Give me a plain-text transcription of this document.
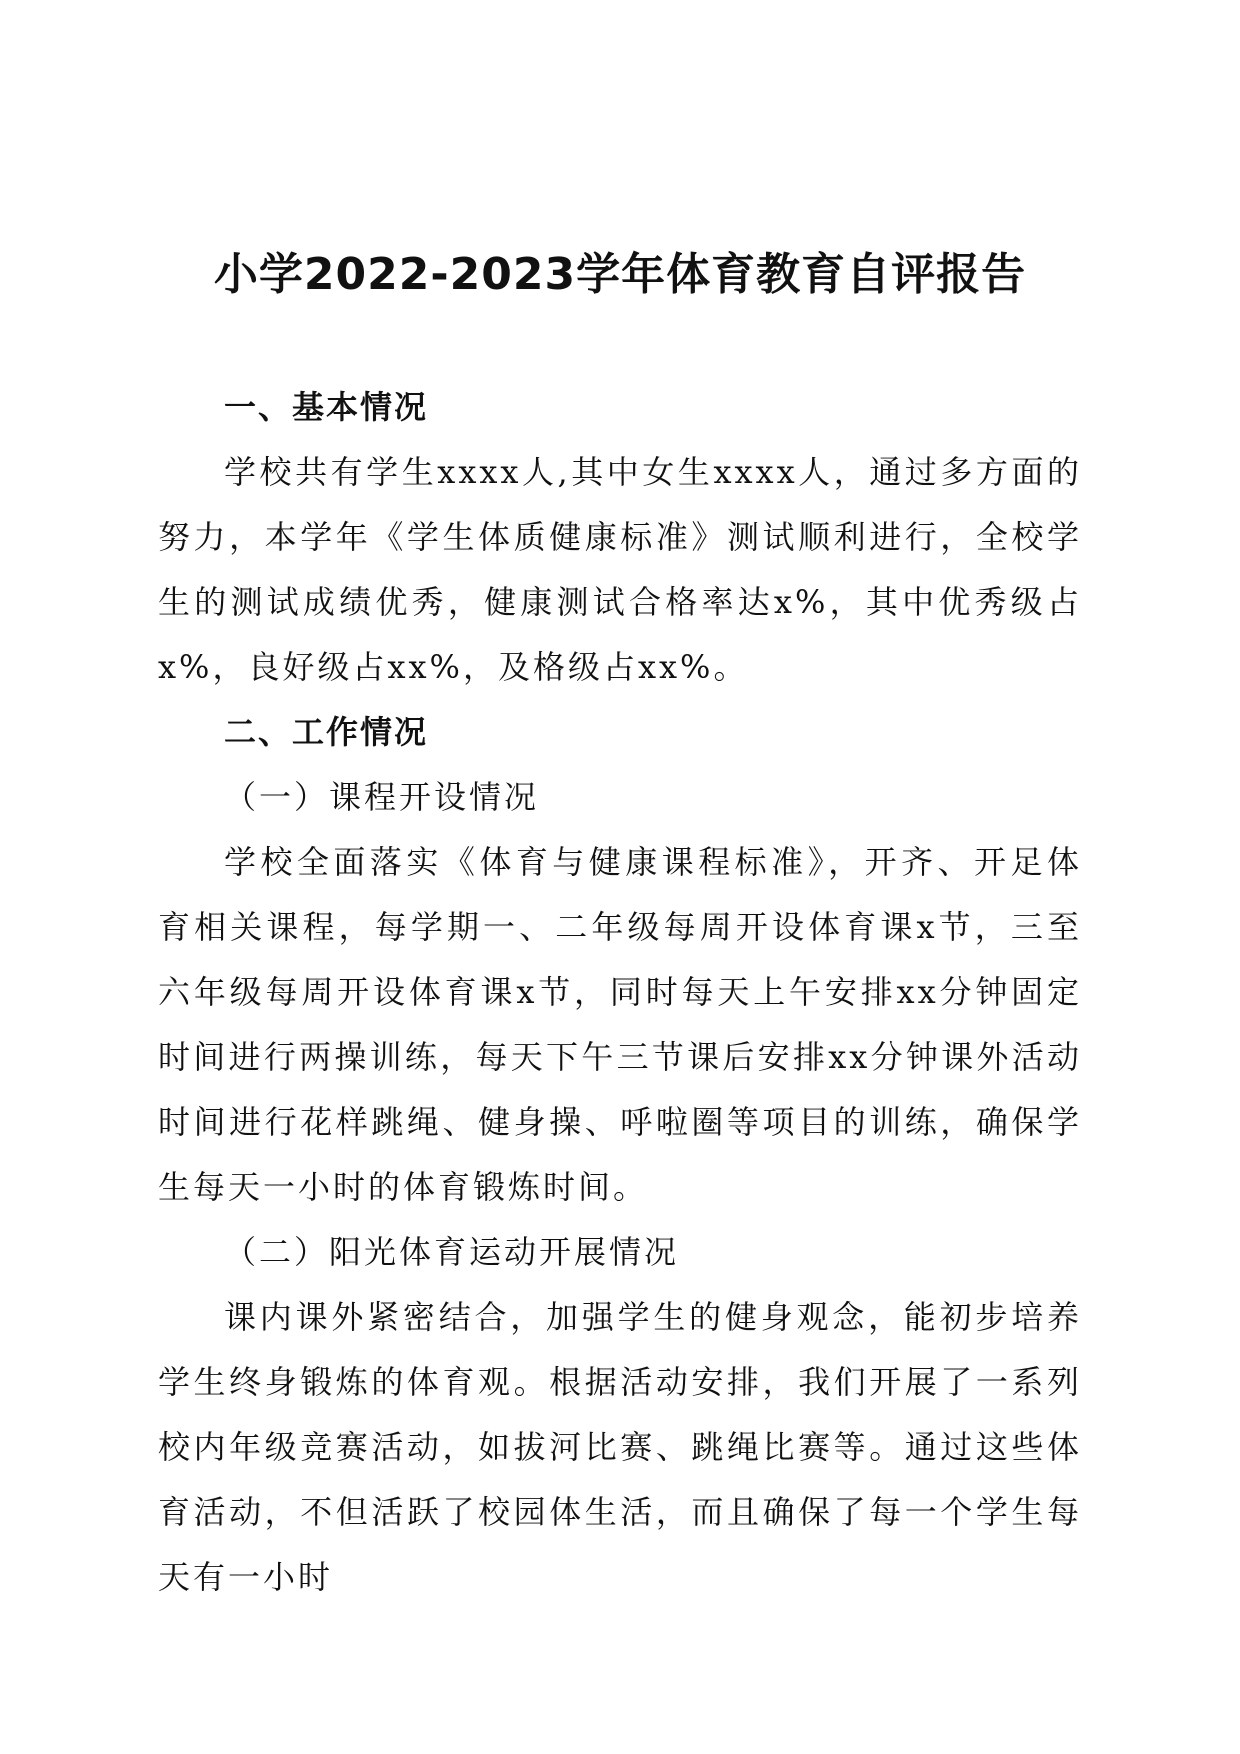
小学2022-2023学年体育教育自评报告

一、基本情况

学校共有学生xxxx人,其中女生xxxx人，通过多方面的努力，本学年《学生体质健康标准》测试顺利进行，全校学生的测试成绩优秀，健康测试合格率达x%，其中优秀级占x%，良好级占xx%，及格级占xx%。

二、工作情况

（一）课程开设情况

学校全面落实《体育与健康课程标准》，开齐、开足体育相关课程，每学期一、二年级每周开设体育课x节，三至六年级每周开设体育课x节，同时每天上午安排xx分钟固定时间进行两操训练，每天下午三节课后安排xx分钟课外活动时间进行花样跳绳、健身操、呼啦圈等项目的训练，确保学生每天一小时的体育锻炼时间。

（二）阳光体育运动开展情况

课内课外紧密结合，加强学生的健身观念，能初步培养学生终身锻炼的体育观。根据活动安排，我们开展了一系列校内年级竞赛活动，如拔河比赛、跳绳比赛等。通过这些体育活动，不但活跃了校园体生活，而且确保了每一个学生每天有一小时
